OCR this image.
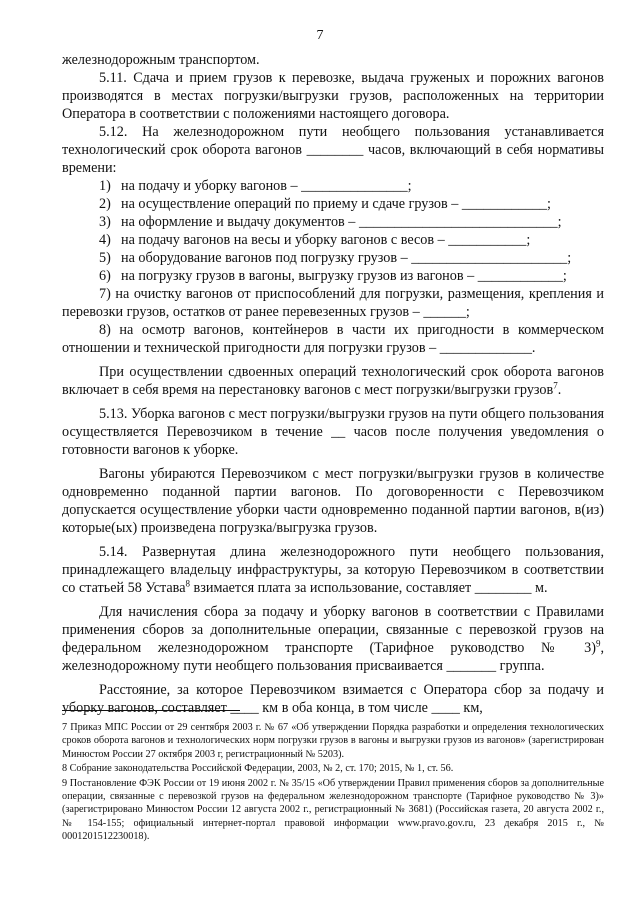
7

железнодорожным транспортом.

5.11. Сдача и прием грузов к перевозке, выдача груженых и порожних вагонов производятся в местах погрузки/выгрузки грузов, расположенных на территории Оператора в соответствии с положениями настоящего договора.

5.12. На железнодорожном пути необщего пользования устанавливается технологический срок оборота вагонов ________ часов, включающий в себя нормативы времени:

1) на подачу и уборку вагонов – _______________;

2) на осуществление операций по приему и сдаче грузов – ____________;

3) на оформление и выдачу документов – ____________________________;

4) на подачу вагонов на весы и уборку вагонов с весов – ___________;

5) на оборудование вагонов под погрузку грузов – ______________________;

6) на погрузку грузов в вагоны, выгрузку грузов из вагонов – ____________;

7) на очистку вагонов от приспособлений для погрузки, размещения, крепления и перевозки грузов, остатков от ранее перевезенных грузов – ______;

8) на осмотр вагонов, контейнеров в части их пригодности в коммерческом отношении и технической пригодности для погрузки грузов – _____________.

При осуществлении сдвоенных операций технологический срок оборота вагонов включает в себя время на перестановку вагонов с мест погрузки/выгрузки грузов$^7$.

5.13. Уборка вагонов с мест погрузки/выгрузки грузов на пути общего пользования осуществляется Перевозчиком в течение __ часов после получения уведомления о готовности вагонов к уборке.

Вагоны убираются Перевозчиком с мест погрузки/выгрузки грузов в количестве одновременно поданной партии вагонов. По договоренности с Перевозчиком допускается осуществление уборки части одновременно поданной партии вагонов, в(из) которые(ых) произведена погрузка/выгрузка грузов.

5.14. Развернутая длина железнодорожного пути необщего пользования, принадлежащего владельцу инфраструктуры, за которую Перевозчиком в соответствии со статьей 58 Устава$^8$ взимается плата за использование, составляет ________ м.

Для начисления сбора за подачу и уборку вагонов в соответствии с Правилами применения сборов за дополнительные операции, связанные с перевозкой грузов на федеральном железнодорожном транспорте (Тарифное руководство № 3)$^9$, железнодорожному пути необщего пользования присваивается _______ группа.

Расстояние, за которое Перевозчиком взимается с Оператора сбор за подачу и уборку вагонов, составляет ____ км в оба конца, в том числе ____ км,

7 Приказ МПС России от 29 сентября 2003 г. № 67 «Об утверждении Порядка разработки и определения технологических сроков оборота вагонов и технологических норм погрузки грузов в вагоны и выгрузки грузов из вагонов» (зарегистрирован Минюстом России 27 октября 2003 г, регистрационный № 5203).

8 Собрание законодательства Российской Федерации, 2003, № 2, ст. 170; 2015, № 1, ст. 56.

9 Постановление ФЭК России от 19 июня 2002 г. № 35/15 «Об утверждении Правил применения сборов за дополнительные операции, связанные с перевозкой грузов на федеральном железнодорожном транспорте (Тарифное руководство № 3)» (зарегистрировано Минюстом России 12 августа 2002 г., регистрационный № 3681) (Российская газета, 20 августа 2002 г., № 154-155; официальный интернет-портал правовой информации www.pravo.gov.ru, 23 декабря 2015 г., № 0001201512230018).
